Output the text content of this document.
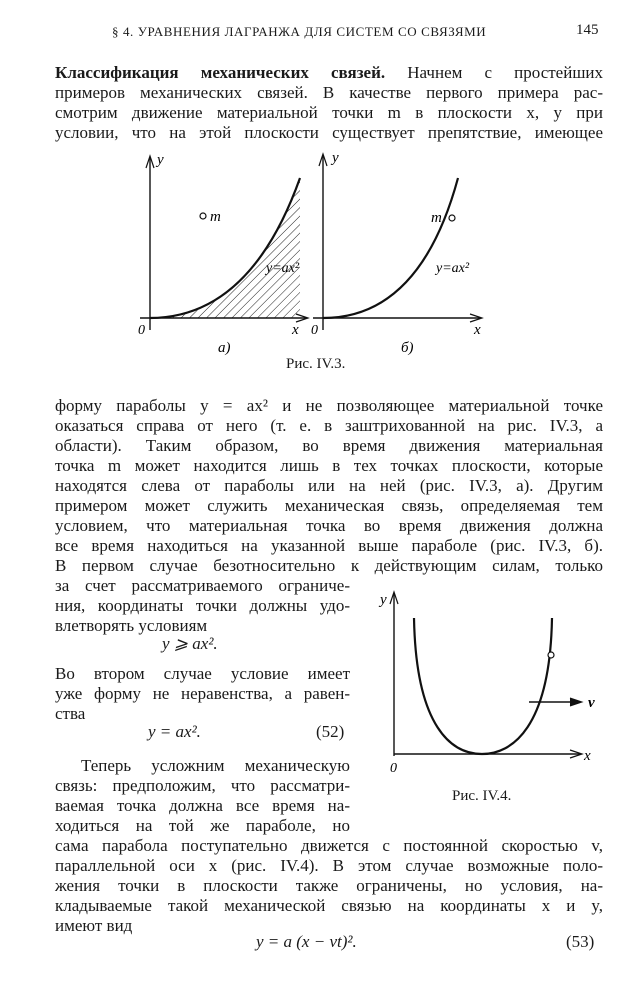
§ 4. УРАВНЕНИЯ ЛАГРАНЖА ДЛЯ СИСТЕМ СО СВЯЗЯМИ	145
Классификация механических связей. Начнем с простейших
примеров механических связей. В качестве первого примера рас-
смотрим движение материальной точки m в плоскости x, y при
условии, что на этой плоскости существует препятствие, имеющее
y
x
0
m
y=ax²
а)
y
x
0
m
y=ax²
б)
Рис. IV.3.
форму параболы y = ax² и не позволяющее материальной точке
оказаться справа от него (т. е. в заштрихованной на рис. IV.3, а
области). Таким образом, во время движения материальная
точка m может находится лишь в тех точках плоскости, которые
находятся слева от параболы или на ней (рис. IV.3, а). Другим
примером может служить механическая связь, определяемая тем
условием, что материальная точка во время движения должна
все время находиться на указанной выше параболе (рис. IV.3, б).
В первом случае безотносительно к действующим силам, только
за счет рассматриваемого ограниче-
ния, координаты точки должны удо-
влетворять условиям
y ⩾ ax².
Во втором случае условие имеет
уже форму не неравенства, а равен-
ства
y = ax².	(52)
Теперь усложним механическую
связь: предположим, что рассматри-
ваемая точка должна все время на-
ходиться на той же параболе, но
y
x
0
v
Рис. IV.4.
сама парабола поступательно движется с постоянной скоростью v,
параллельной оси x (рис. IV.4). В этом случае возможные поло-
жения точки в плоскости также ограничены, но условия, на-
кладываемые такой механической связью на координаты x и y,
имеют вид
y = a (x − vt)².	(53)
